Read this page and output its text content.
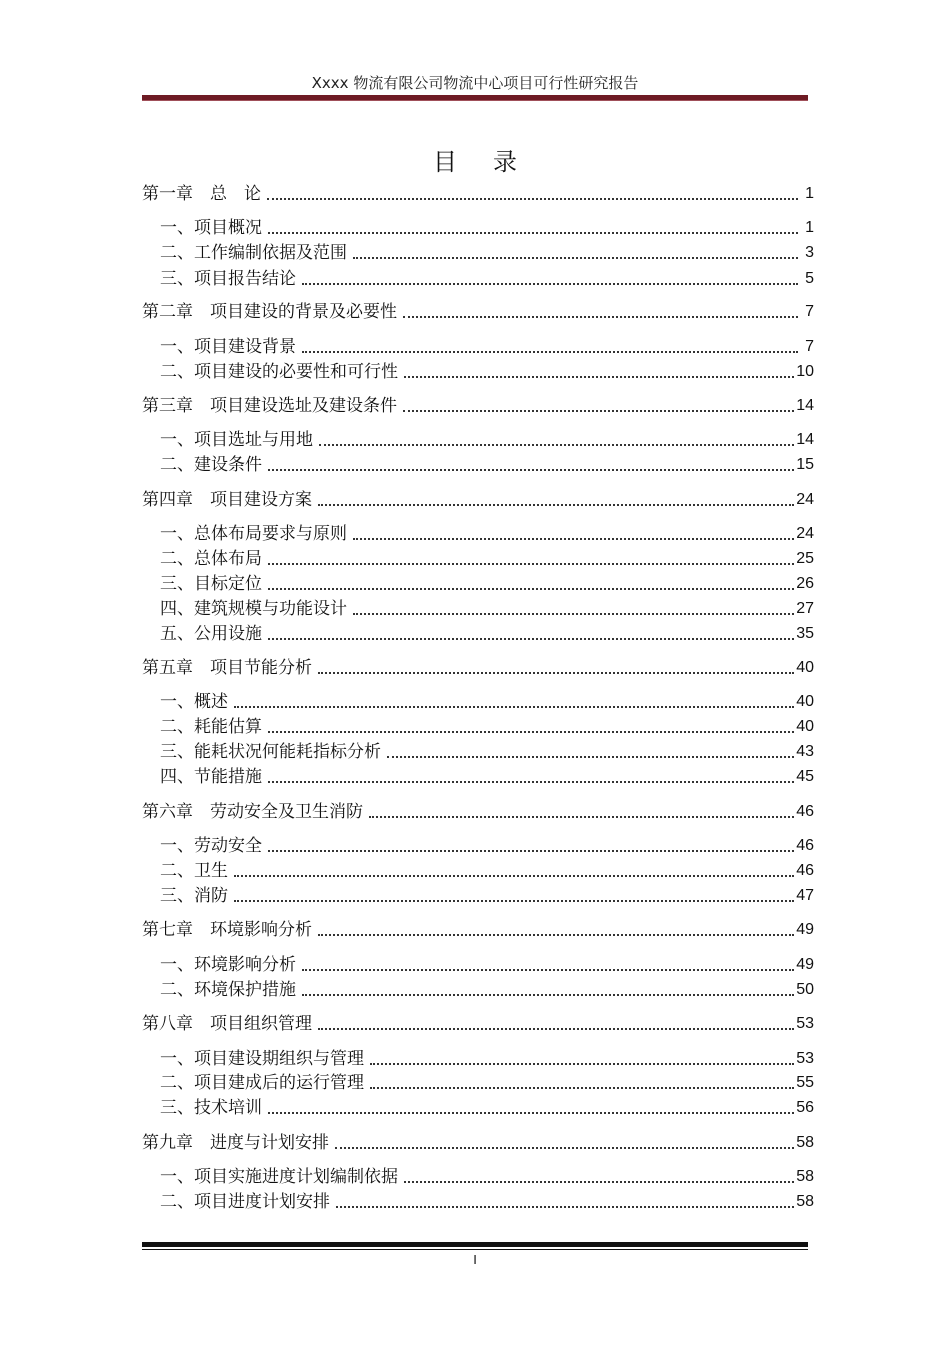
Xxxx 物流有限公司物流中心项目可行性研究报告
目录
第一章　总　论	1
一、项目概况	1
二、工作编制依据及范围	3
三、项目报告结论	5
第二章　项目建设的背景及必要性	7
一、项目建设背景	7
二、项目建设的必要性和可行性	10
第三章　项目建设选址及建设条件	14
一、项目选址与用地	14
二、建设条件	15
第四章　项目建设方案	24
一、总体布局要求与原则	24
二、总体布局	25
三、目标定位	26
四、建筑规模与功能设计	27
五、公用设施	35
第五章　项目节能分析	40
一、概述	40
二、耗能估算	40
三、能耗状况何能耗指标分析	43
四、节能措施	45
第六章　劳动安全及卫生消防	46
一、劳动安全	46
二、卫生	46
三、消防	47
第七章　环境影响分析	49
一、环境影响分析	49
二、环境保护措施	50
第八章　项目组织管理	53
一、项目建设期组织与管理	53
二、项目建成后的运行管理	55
三、技术培训	56
第九章　进度与计划安排	58
一、项目实施进度计划编制依据	58
二、项目进度计划安排	58
I
